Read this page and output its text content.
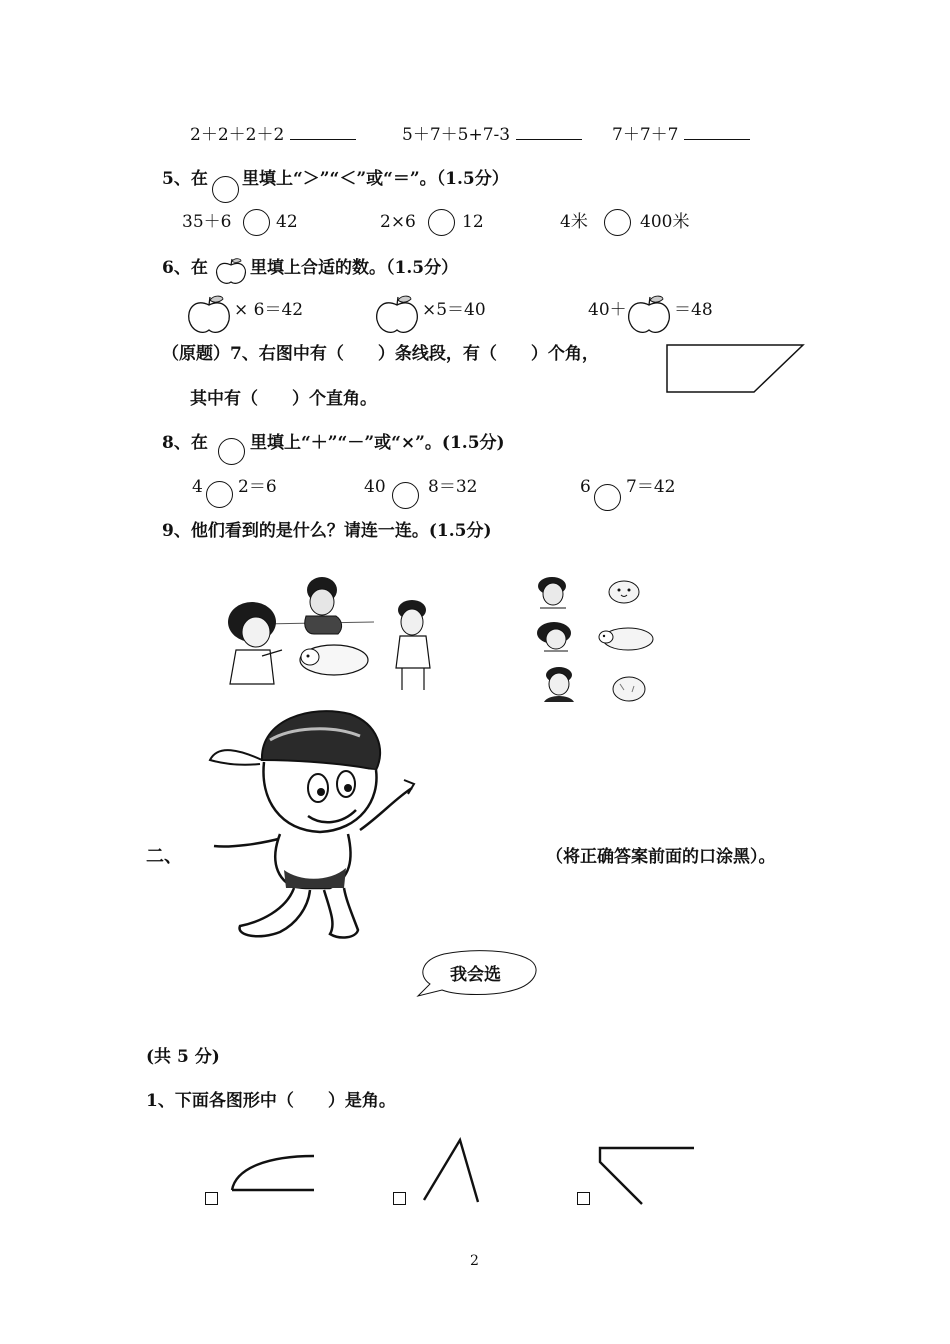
2＋2＋2＋2	5＋7＋5+7-3	7＋7＋7
5、在 里填上“＞”“＜”或“＝”。（1.5分）
35＋6	42	2×6	12	4米	400米
6、在 里填上合适的数。（1.5分）
× 6＝42	×5＝40	40＋	＝48
（原题）7、右图中有（　　）条线段，有（　　）个角，
其中有（　　）个直角。
8、在 里填上“＋”“－”或“×”。(1.5分)
4 2＝6	40 8＝32	6 7＝42
9、他们看到的是什么？请连一连。(1.5分)
二、	（将正确答案前面的口涂黑）。
我会选
(共 5 分)
1、下面各图形中（　　）是角。
2
